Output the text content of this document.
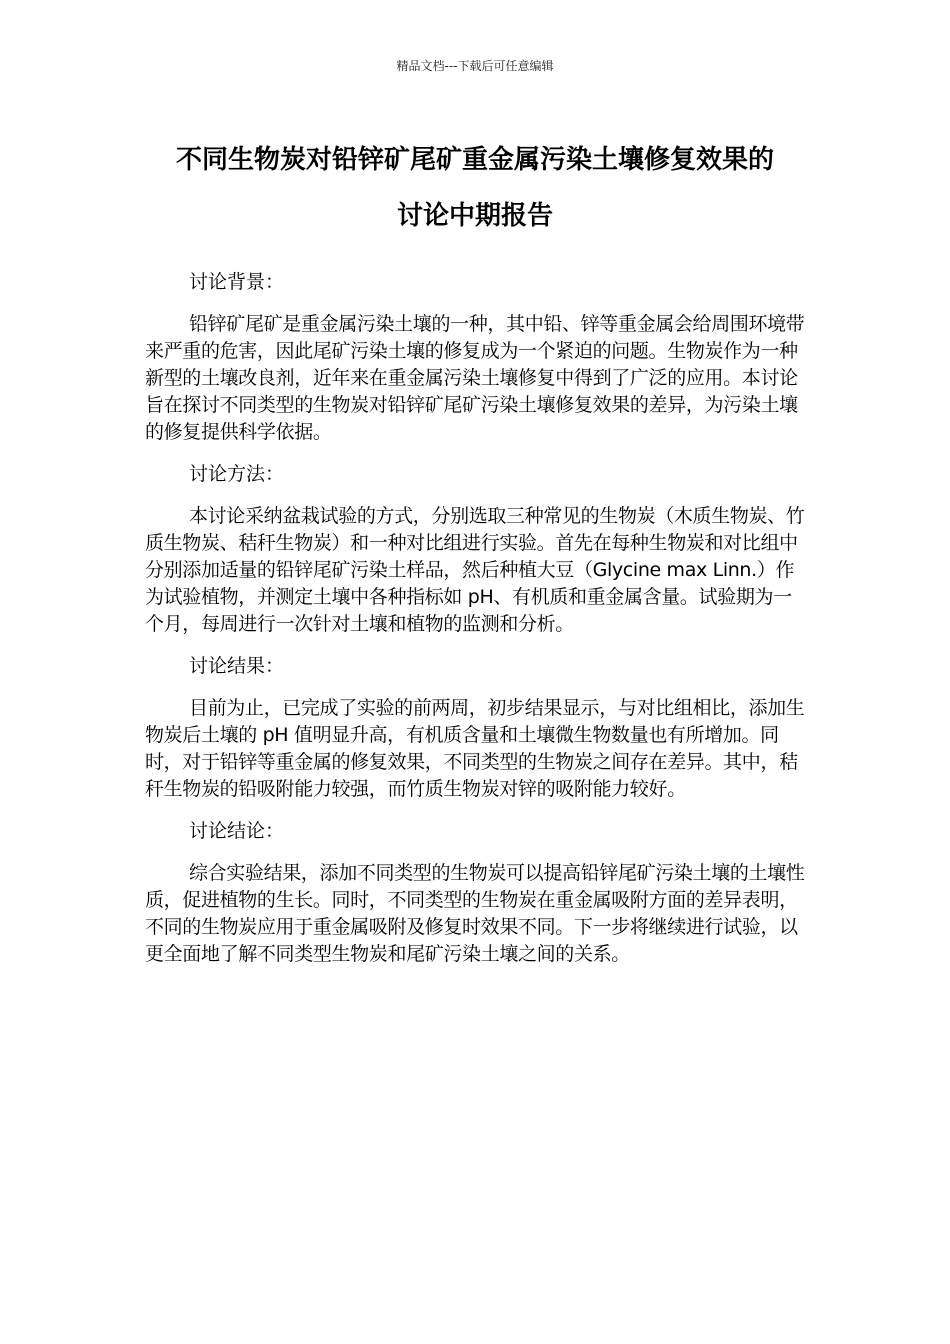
精品文档---下载后可任意编辑
不同生物炭对铅锌矿尾矿重金属污染土壤修复效果的
讨论中期报告

讨论背景：

铅锌矿尾矿是重金属污染土壤的一种，其中铅、锌等重金属会给周围环境带来严重的危害，因此尾矿污染土壤的修复成为一个紧迫的问题。生物炭作为一种新型的土壤改良剂，近年来在重金属污染土壤修复中得到了广泛的应用。本讨论旨在探讨不同类型的生物炭对铅锌矿尾矿污染土壤修复效果的差异，为污染土壤的修复提供科学依据。

讨论方法：

本讨论采纳盆栽试验的方式，分别选取三种常见的生物炭（木质生物炭、竹质生物炭、秸秆生物炭）和一种对比组进行实验。首先在每种生物炭和对比组中分别添加适量的铅锌尾矿污染土样品，然后种植大豆（Glycine max Linn.）作为试验植物，并测定土壤中各种指标如 pH、有机质和重金属含量。试验期为一个月，每周进行一次针对土壤和植物的监测和分析。

讨论结果：

目前为止，已完成了实验的前两周，初步结果显示，与对比组相比，添加生物炭后土壤的 pH 值明显升高，有机质含量和土壤微生物数量也有所增加。同时，对于铅锌等重金属的修复效果，不同类型的生物炭之间存在差异。其中，秸秆生物炭的铅吸附能力较强，而竹质生物炭对锌的吸附能力较好。

讨论结论：

综合实验结果，添加不同类型的生物炭可以提高铅锌尾矿污染土壤的土壤性质，促进植物的生长。同时，不同类型的生物炭在重金属吸附方面的差异表明，不同的生物炭应用于重金属吸附及修复时效果不同。下一步将继续进行试验，以更全面地了解不同类型生物炭和尾矿污染土壤之间的关系。
